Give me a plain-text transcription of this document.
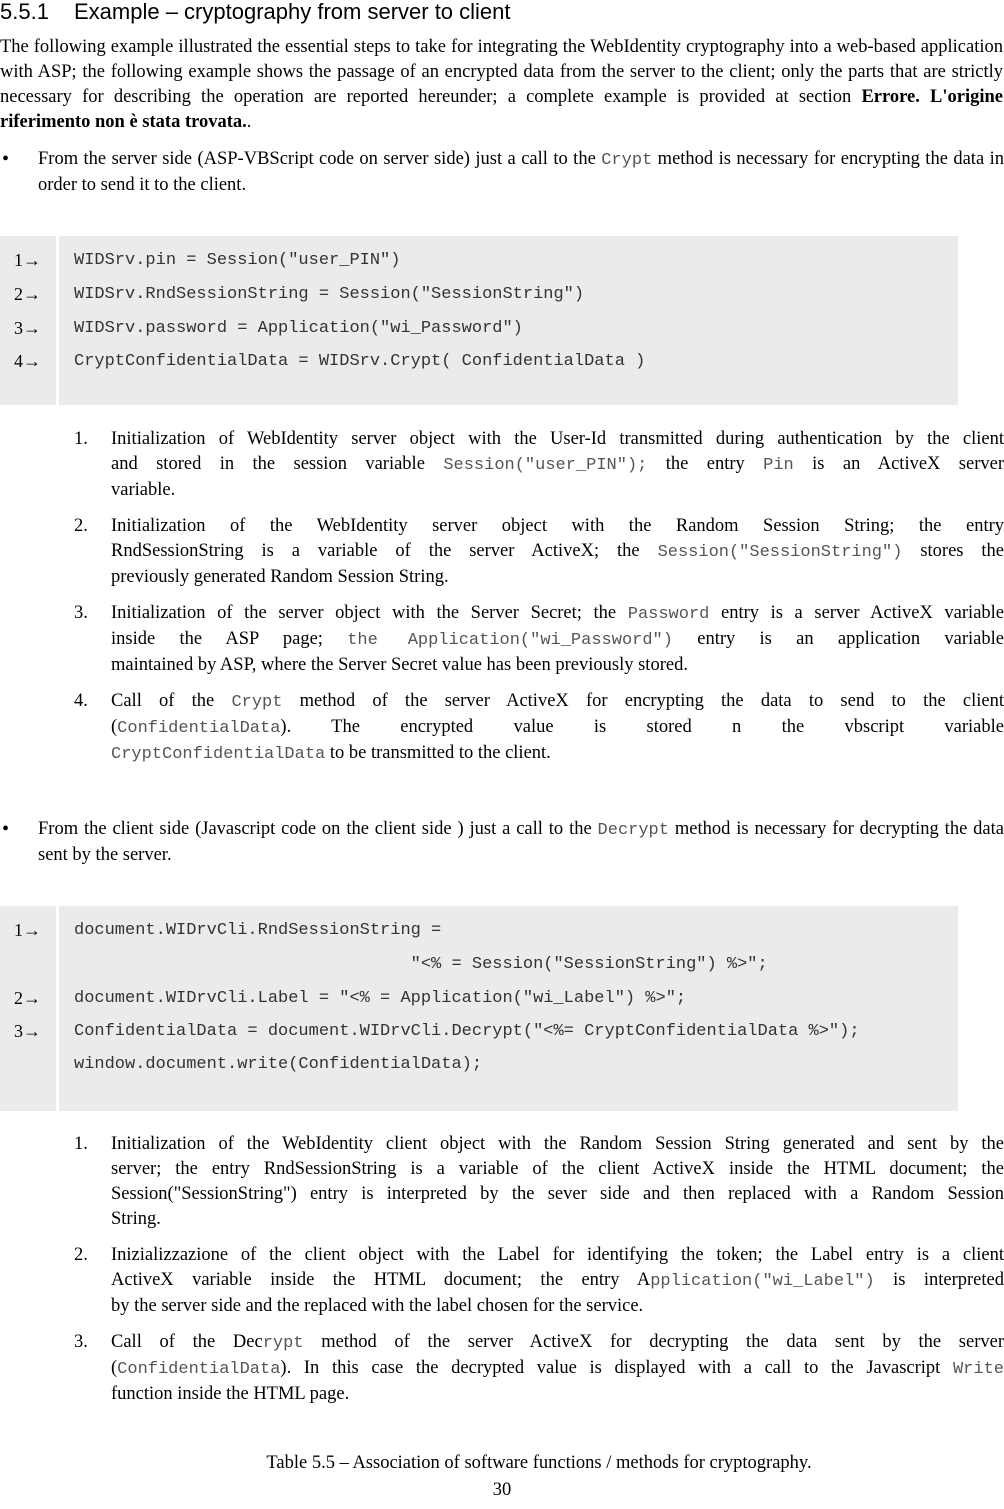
5.5.1 Example – cryptography from server to client
The following example illustrated the essential steps to take for integrating the WebIdentity cryptography into a web-based application with ASP; the following example shows the passage of an encrypted data from the server to the client; only the parts that are strictly necessary for describing the operation are reported hereunder; a complete example is provided at section Errore. L'origine riferimento non è stata trovata..
• From the server side (ASP-VBScript code on server side) just a call to the Crypt method is necessary for encrypting the data in order to send it to the client.
1→
2→
3→
4→
WIDSrv.pin = Session("user_PIN")
WIDSrv.RndSessionString = Session("SessionString")
WIDSrv.password = Application("wi_Password")
CryptConfidentialData = WIDSrv.Crypt( ConfidentialData )
1. Initialization of WebIdentity server object with the User-Id transmitted during authentication by the client
and stored in the session variable Session("user_PIN"); the entry Pin is an ActiveX server
variable.
2. Initialization of the WebIdentity server object with the Random Session String; the entry
RndSessionString is a variable of the server ActiveX; the Session("SessionString") stores the
previously generated Random Session String.
3. Initialization of the server object with the Server Secret; the Password entry is a server ActiveX variable
inside the ASP page; the Application("wi_Password") entry is an application variable
maintained by ASP, where the Server Secret value has been previously stored.
4. Call of the Crypt method of the server ActiveX for encrypting the data to send to the client
(ConfidentialData). The encrypted value is stored n the vbscript variable
CryptConfidentialData to be transmitted to the client.
• From the client side (Javascript code on the client side ) just a call to the Decrypt method is necessary for decrypting the data sent by the server.
1→
2→
3→
document.WIDrvCli.RndSessionString =
"<% = Session("SessionString") %>";
document.WIDrvCli.Label = "<% = Application("wi_Label") %>";
ConfidentialData = document.WIDrvCli.Decrypt("<%= CryptConfidentialData %>");
window.document.write(ConfidentialData);
1. Initialization of the WebIdentity client object with the Random Session String generated and sent by the
server; the entry RndSessionString is a variable of the client ActiveX inside the HTML document; the
Session("SessionString") entry is interpreted by the sever side and then replaced with a Random Session
String.
2. Inizializzazione of the client object with the Label for identifying the token; the Label entry is a client
ActiveX variable inside the HTML document; the entry Application("wi_Label") is interpreted
by the server side and the replaced with the label chosen for the service.
3. Call of the Decrypt method of the server ActiveX for decrypting the data sent by the server
(ConfidentialData). In this case the decrypted value is displayed with a call to the Javascript Write
function inside the HTML page.
Table 5.5 – Association of software functions / methods for cryptography.
30
